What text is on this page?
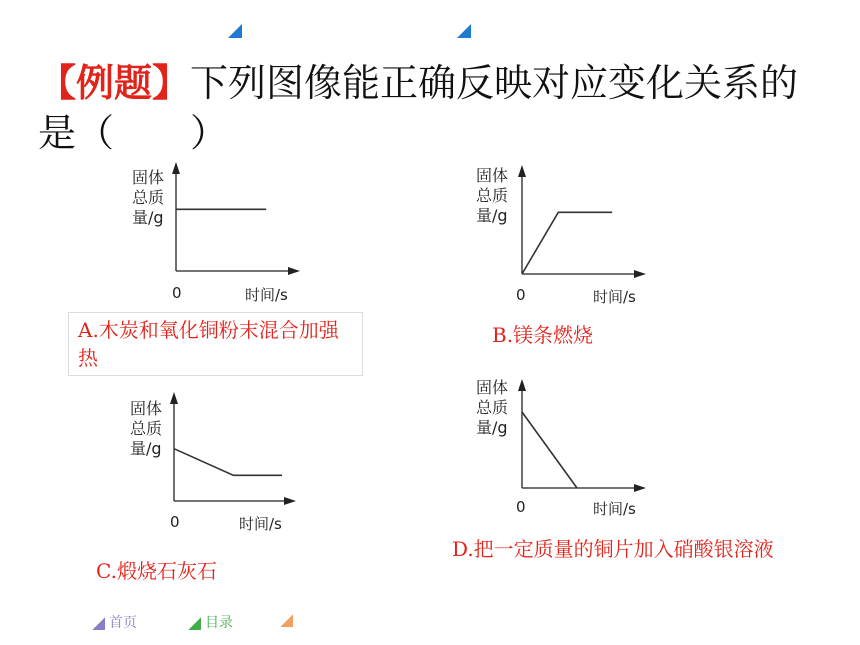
【例题】下列图像能正确反映对应变化关系的是（　　）
固体
总质
量/g
0	时间/s
A.木炭和氧化铜粉末混合加强热
固体
总质
量/g
0	时间/s
B.镁条燃烧
固体
总质
量/g
0	时间/s
C.煅烧石灰石
固体
总质
量/g
0	时间/s
D.把一定质量的铜片加入硝酸银溶液
首页	目录
